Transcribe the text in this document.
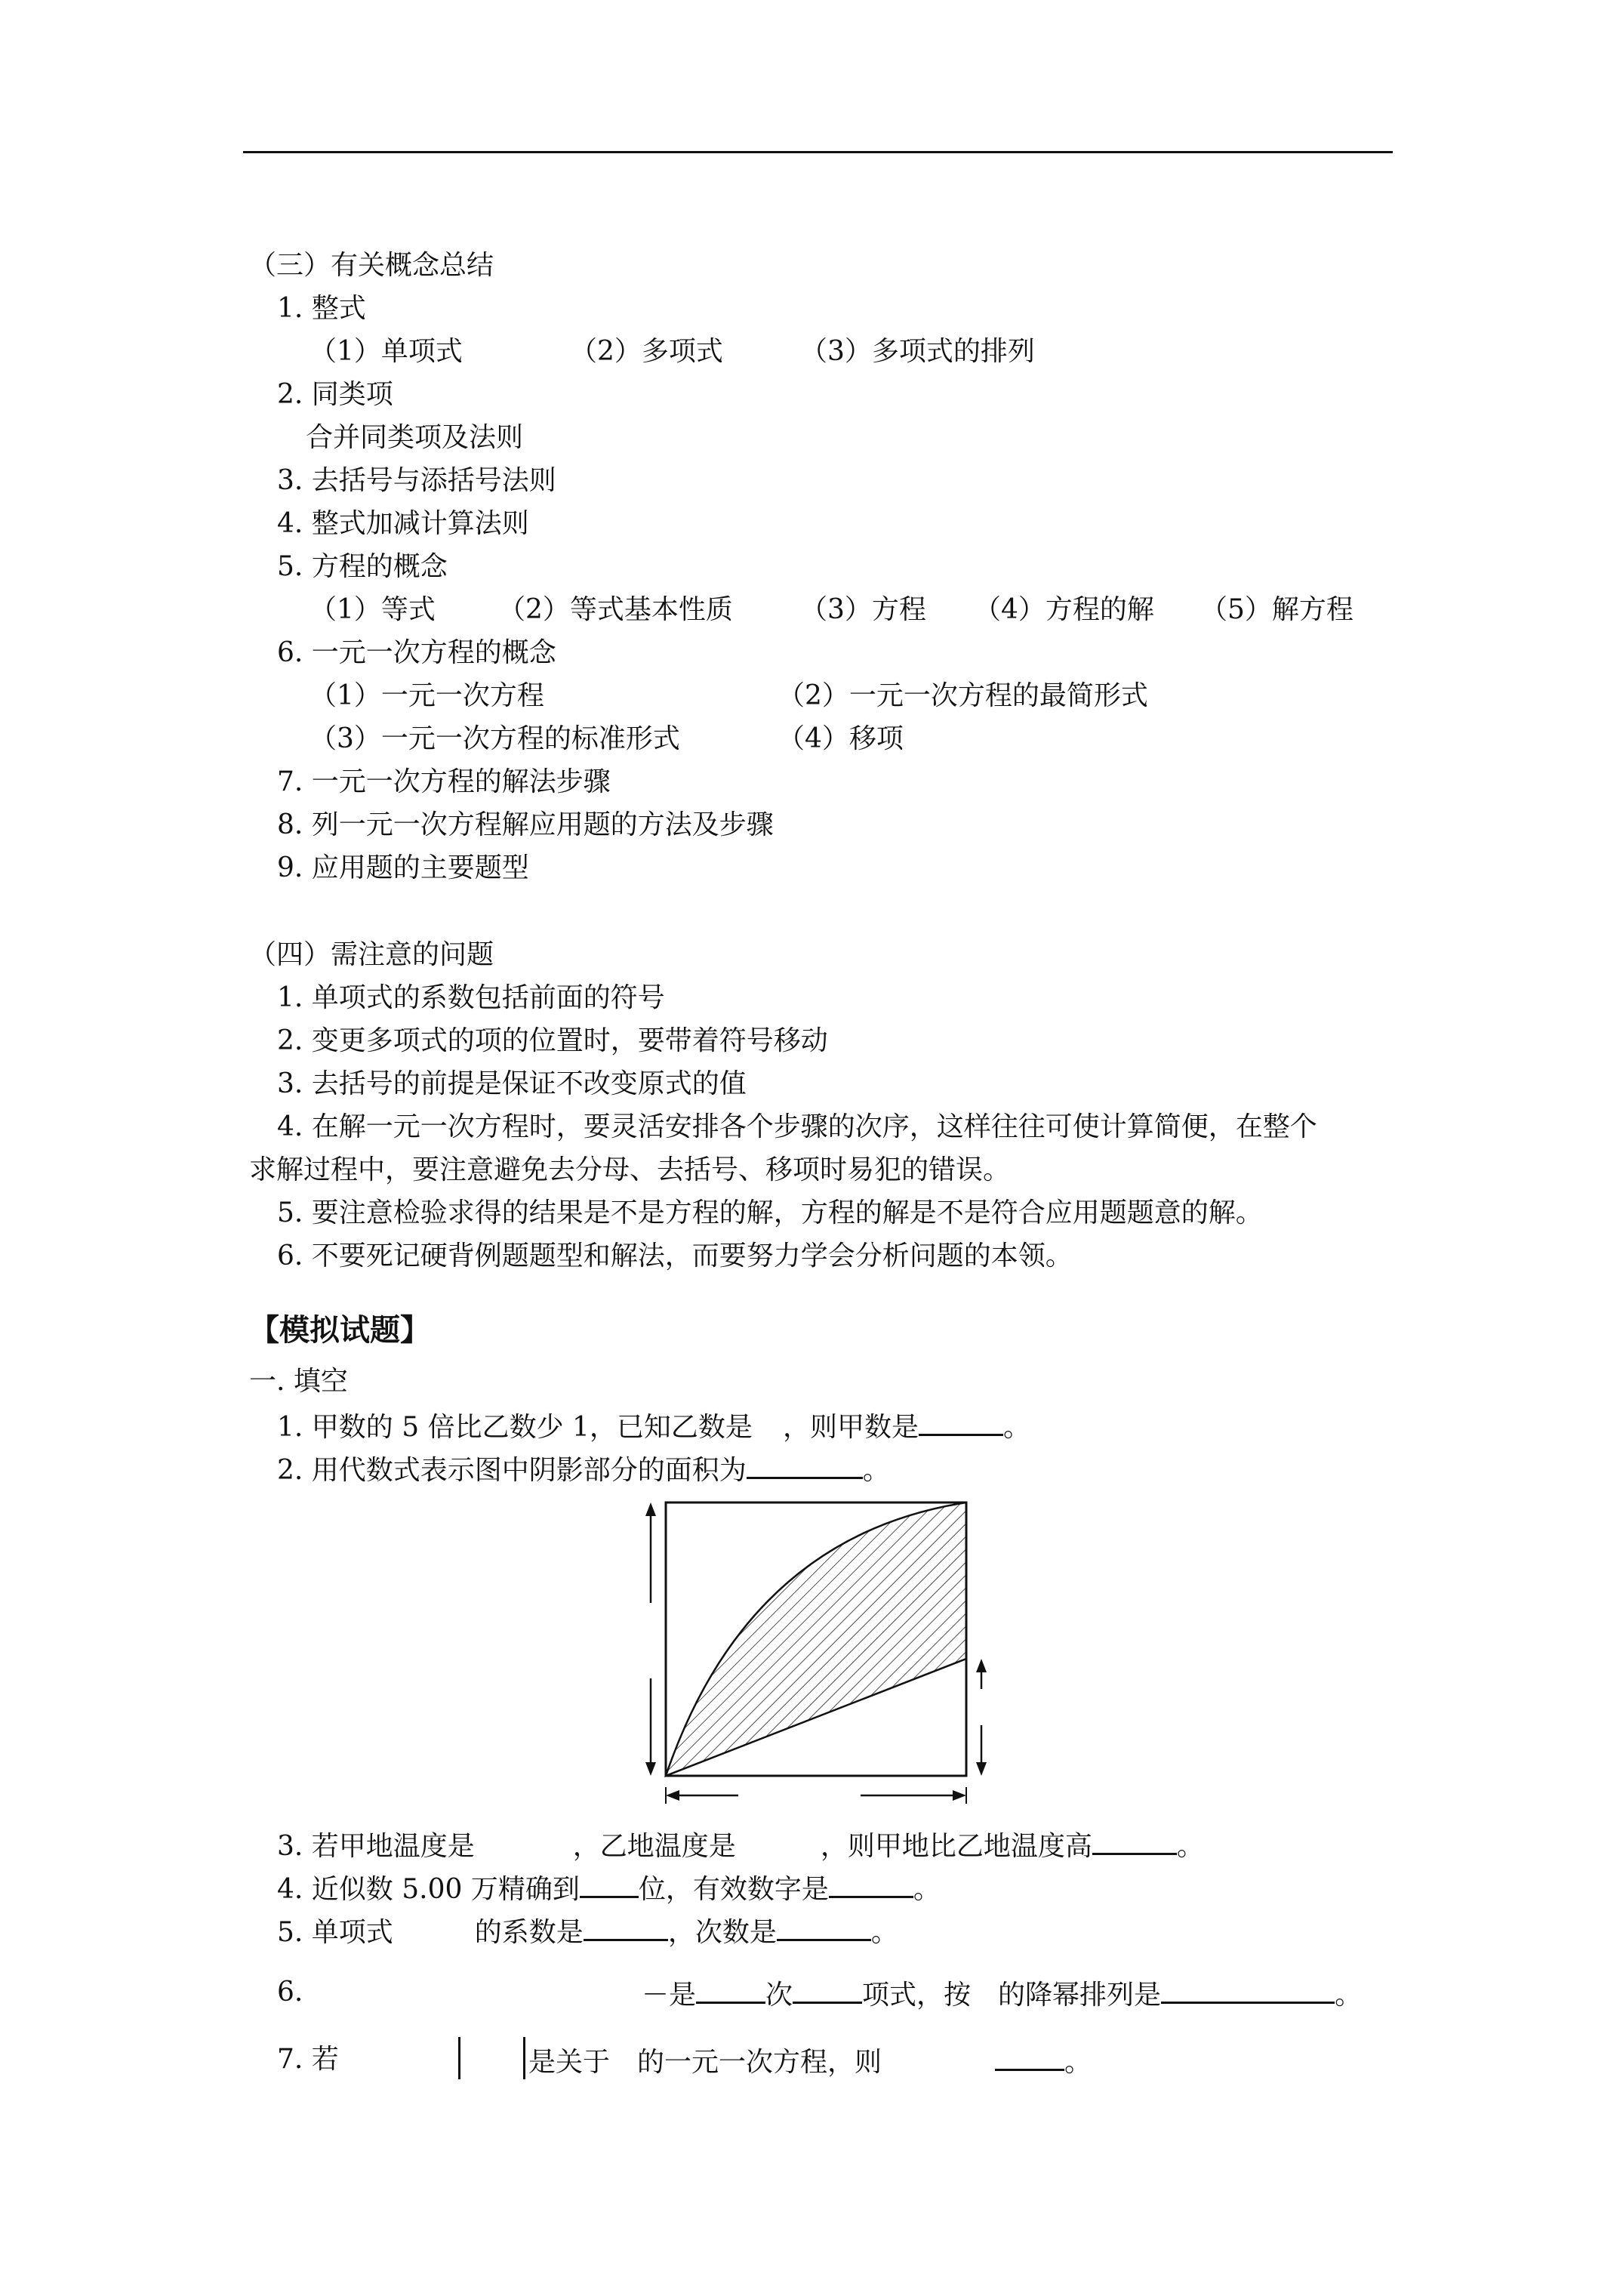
（三）有关概念总结
1. 整式
（1）单项式	（2）多项式	（3）多项式的排列
2. 同类项
合并同类项及法则
3. 去括号与添括号法则
4. 整式加减计算法则
5. 方程的概念
（1）等式 （2）等式基本性质 （3）方程 （4）方程的解 （5）解方程
6. 一元一次方程的概念
（1）一元一次方程	（2）一元一次方程的最简形式
（3）一元一次方程的标准形式	（4）移项
7. 一元一次方程的解法步骤
8. 列一元一次方程解应用题的方法及步骤
9. 应用题的主要题型
（四）需注意的问题
1. 单项式的系数包括前面的符号
2. 变更多项式的项的位置时，要带着符号移动
3. 去括号的前提是保证不改变原式的值
4. 在解一元一次方程时，要灵活安排各个步骤的次序，这样往往可使计算简便，在整个
求解过程中，要注意避免去分母、去括号、移项时易犯的错误。
5. 要注意检验求得的结果是不是方程的解，方程的解是不是符合应用题题意的解。
6. 不要死记硬背例题题型和解法，而要努力学会分析问题的本领。
【模拟试题】
一. 填空
1. 甲数的 5 倍比乙数少 1，已知乙数是 ，则甲数是	。
2. 用代数式表示图中阴影部分的面积为	。
3. 若甲地温度是	，乙地温度是	，则甲地比乙地温度高	。
4. 近似数 5.00 万精确到 位，有效数字是	。
5. 单项式	的系数是	，次数是	。
6.	－是	次	项式，按 的降幂排列是	。
7. 若	是关于 的一元一次方程，则	。
